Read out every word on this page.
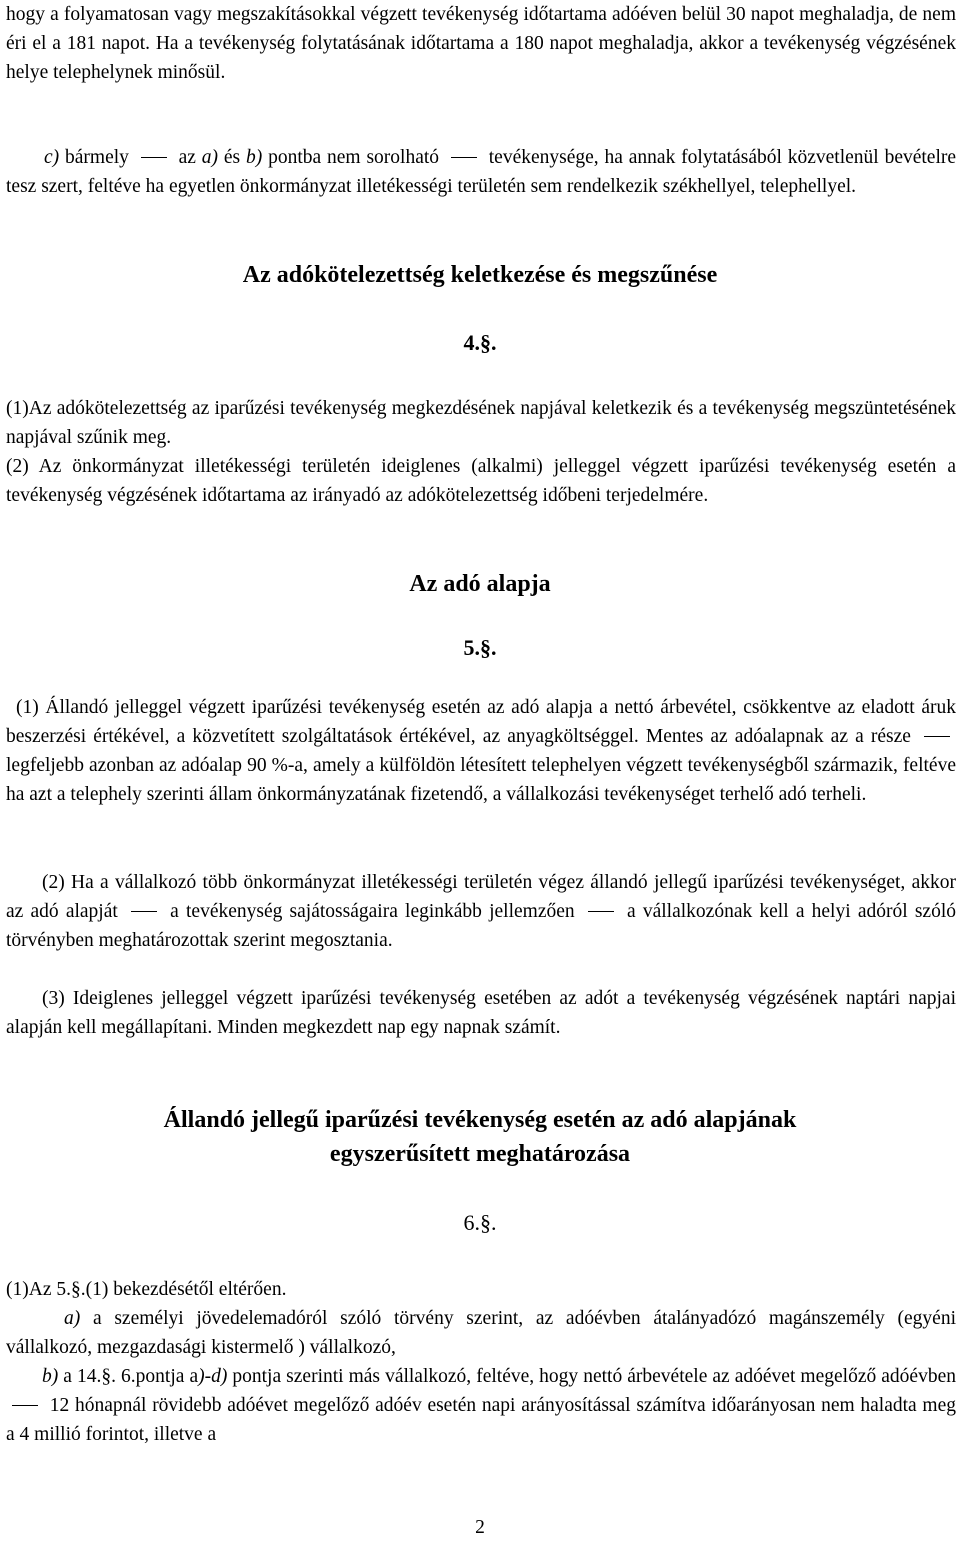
hogy a folyamatosan vagy megszakításokkal végzett tevékenység időtartama adóéven belül 30 napot meghaladja, de nem éri el a 181 napot. Ha a tevékenység folytatásának időtartama a 180 napot meghaladja, akkor a tevékenység végzésének helye telephelynek minősül.

c) bármely  az a) és b) pontba nem sorolható  tevékenysége, ha annak folytatásából közvetlenül bevételre tesz szert, feltéve ha egyetlen önkormányzat illetékességi területén sem rendelkezik székhellyel, telephellyel.

Az adókötelezettség keletkezése és megszűnése
4.§.

(1)Az adókötelezettség az iparűzési tevékenység megkezdésének napjával keletkezik és a tevékenység megszüntetésének napjával szűnik meg.

(2) Az önkormányzat illetékességi területén ideiglenes (alkalmi) jelleggel végzett iparűzési tevékenység esetén a tevékenység végzésének időtartama az irányadó az adókötelezettség időbeni terjedelmére.

Az adó alapja
5.§.

(1) Állandó jelleggel végzett iparűzési tevékenység esetén az adó alapja a nettó árbevétel, csökkentve az eladott áruk beszerzési értékével, a közvetített szolgáltatások értékével, az anyagköltséggel. Mentes az adóalapnak az a része  legfeljebb azonban az adóalap 90 %-a, amely a külföldön létesített telephelyen végzett tevékenységből származik, feltéve ha azt a telephely szerinti állam önkormányzatának fizetendő, a vállalkozási tevékenységet terhelő adó terheli.

(2) Ha a vállalkozó több önkormányzat illetékességi területén végez állandó jellegű iparűzési tevékenységet, akkor az adó alapját  a tevékenység sajátosságaira leginkább jellemzően  a vállalkozónak kell a helyi adóról szóló törvényben meghatározottak szerint megosztania.

(3) Ideiglenes jelleggel végzett iparűzési tevékenység esetében az adót a tevékenység végzésének naptári napjai alapján kell megállapítani. Minden megkezdett nap egy napnak számít.

Állandó jellegű iparűzési tevékenység esetén az adó alapjának
egyszerűsített meghatározása
6.§.

(1)Az 5.§.(1) bekezdésétől eltérően.

a) a személyi jövedelemadóról szóló törvény szerint, az adóévben átalányadózó magánszemély (egyéni vállalkozó, mezgazdasági kistermelő ) vállalkozó,

b) a 14.§. 6.pontja a)-d) pontja szerinti más vállalkozó, feltéve, hogy nettó árbevétele az adóévet megelőző adóévben  12 hónapnál rövidebb adóévet megelőző adóév esetén napi arányosítással számítva időarányosan nem haladta meg a 4 millió forintot, illetve a

2
